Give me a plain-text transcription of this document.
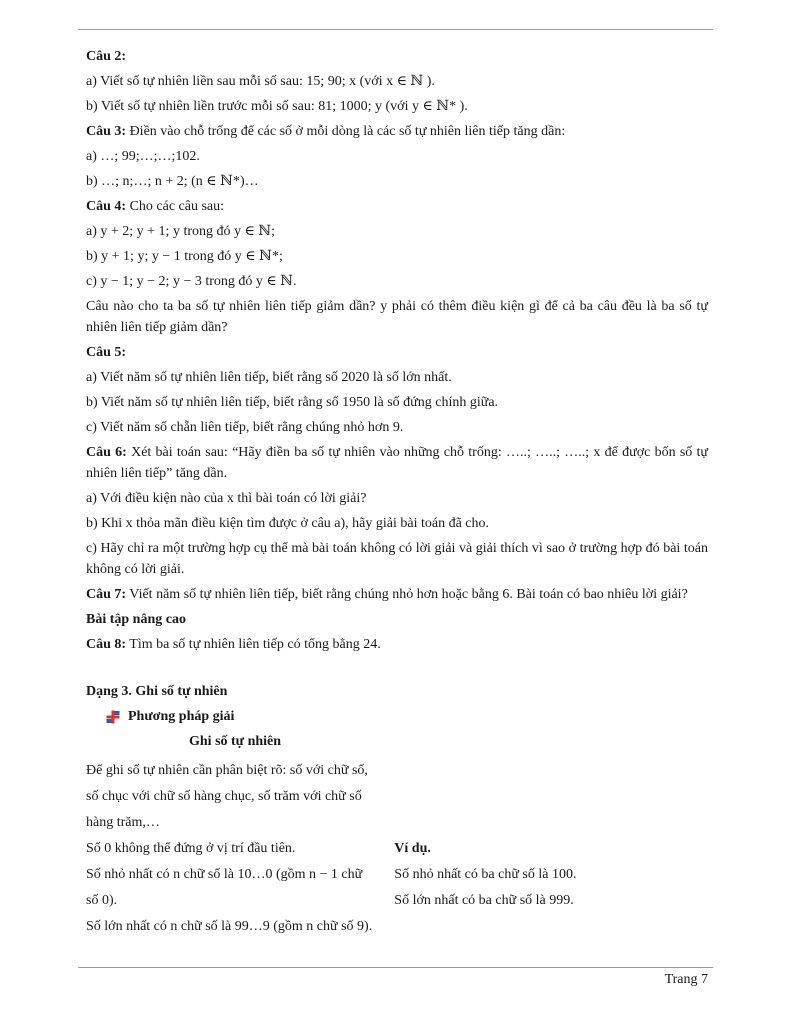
Câu 2:
a) Viết số tự nhiên liền sau mỗi số sau: 15; 90; x (với x ∈ ℕ ).
b) Viết số tự nhiên liền trước mỗi số sau: 81; 1000; y (với y ∈ ℕ* ).
Câu 3: Điền vào chỗ trống để các số ở mỗi dòng là các số tự nhiên liên tiếp tăng dần:
a) …; 99;…;…;102.
b) …; n;…; n + 2; (n ∈ ℕ*)…
Câu 4: Cho các câu sau:
a) y + 2; y + 1; y trong đó y ∈ ℕ;
b) y + 1; y; y − 1 trong đó y ∈ ℕ*;
c) y − 1; y − 2; y − 3 trong đó y ∈ ℕ.
Câu nào cho ta ba số tự nhiên liên tiếp giảm dần? y phải có thêm điều kiện gì để cả ba câu đều là ba số tự nhiên liên tiếp giảm dần?
Câu 5:
a) Viết năm số tự nhiên liên tiếp, biết rằng số 2020 là số lớn nhất.
b) Viết năm số tự nhiên liên tiếp, biết rằng số 1950 là số đứng chính giữa.
c) Viết năm số chẵn liên tiếp, biết rằng chúng nhỏ hơn 9.
Câu 6: Xét bài toán sau: “Hãy điền ba số tự nhiên vào những chỗ trống: …..; …..; …..; x để được bốn số tự nhiên liên tiếp” tăng dần.
a) Với điều kiện nào của x thì bài toán có lời giải?
b) Khi x thỏa mãn điều kiện tìm được ở câu a), hãy giải bài toán đã cho.
c) Hãy chỉ ra một trường hợp cụ thể mà bài toán không có lời giải và giải thích vì sao ở trường hợp đó bài toán không có lời giải.
Câu 7: Viết năm số tự nhiên liên tiếp, biết rằng chúng nhỏ hơn hoặc bằng 6. Bài toán có bao nhiêu lời giải?
Bài tập nâng cao
Câu 8: Tìm ba số tự nhiên liên tiếp có tổng bằng 24.
Dạng 3. Ghi số tự nhiên
Phương pháp giải
Ghi số tự nhiên

Để ghi số tự nhiên cần phân biệt rõ: số với chữ số,

số chục với chữ số hàng chục, số trăm với chữ số

hàng trăm,…

Số 0 không thể đứng ở vị trí đầu tiên.

Số nhỏ nhất có n chữ số là 10…0 (gồm n − 1 chữ

số 0).

Số lớn nhất có n chữ số là 99…9 (gồm n chữ số 9).

Ví dụ.

Số nhỏ nhất có ba chữ số là 100.

Số lớn nhất có ba chữ số là 999.

Trang 7
